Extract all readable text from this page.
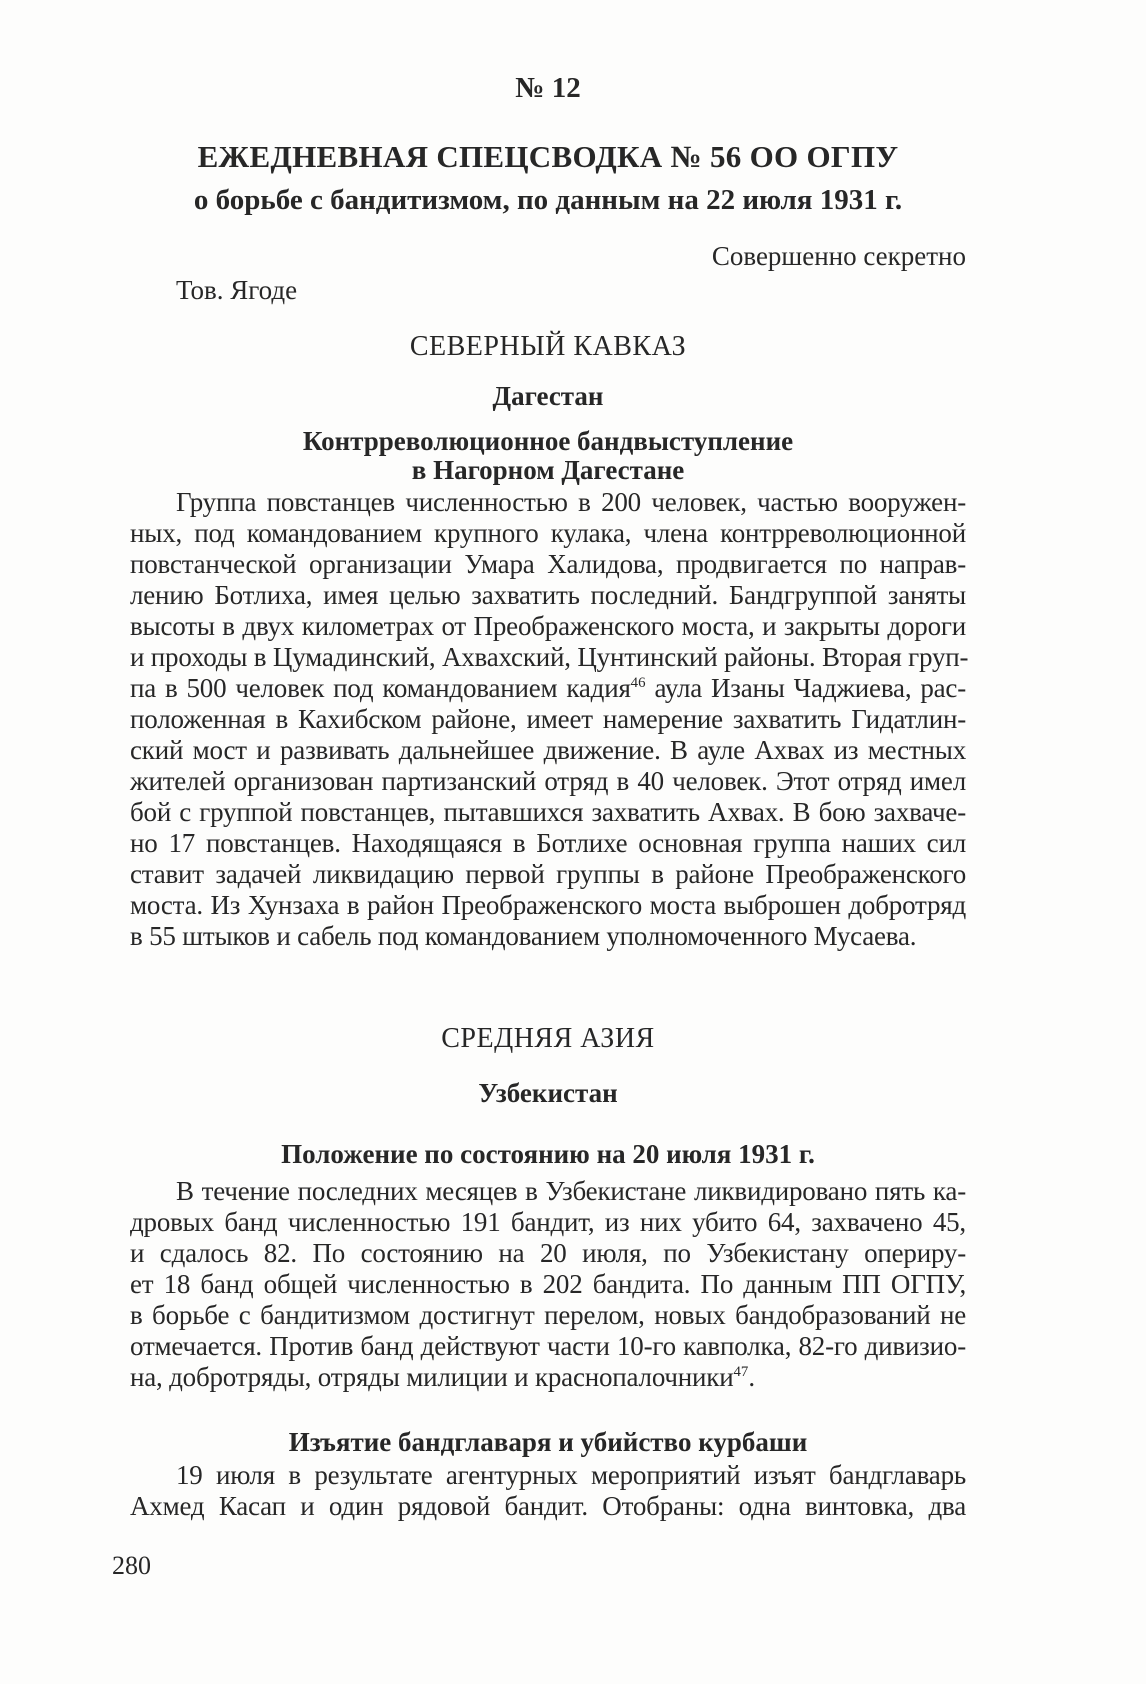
№ 12
ЕЖЕДНЕВНАЯ СПЕЦСВОДКА № 56 ОО ОГПУ
о борьбе с бандитизмом, по данным на 22 июля 1931 г.
Совершенно секретно
Тов. Ягоде
СЕВЕРНЫЙ КАВКАЗ
Дагестан
Контрреволюционное бандвыступление
в Нагорном Дагестане
Группа повстанцев численностью в 200 человек, частью вооружен-
ных, под командованием крупного кулака, члена контрреволюционной
повстанческой организации Умара Халидова, продвигается по направ-
лению Ботлиха, имея целью захватить последний. Бандгруппой заняты
высоты в двух километрах от Преображенского моста, и закрыты дороги
и проходы в Цумадинский, Ахвахский, Цунтинский районы. Вторая груп-
па в 500 человек под командованием кадия$^{46}$ аула Изаны Чаджиева, рас-
положенная в Кахибском районе, имеет намерение захватить Гидатлин-
ский мост и развивать дальнейшее движение. В ауле Ахвах из местных
жителей организован партизанский отряд в 40 человек. Этот отряд имел
бой с группой повстанцев, пытавшихся захватить Ахвах. В бою захваче-
но 17 повстанцев. Находящаяся в Ботлихе основная группа наших сил
ставит задачей ликвидацию первой группы в районе Преображенского
моста. Из Хунзаха в район Преображенского моста выброшен добротряд
в 55 штыков и сабель под командованием уполномоченного Мусаева.
СРЕДНЯЯ АЗИЯ
Узбекистан
Положение по состоянию на 20 июля 1931 г.
В течение последних месяцев в Узбекистане ликвидировано пять ка-
дровых банд численностью 191 бандит, из них убито 64, захвачено 45,
и сдалось 82. По состоянию на 20 июля, по Узбекистану опериру-
ет 18 банд общей численностью в 202 бандита. По данным ПП ОГПУ,
в борьбе с бандитизмом достигнут перелом, новых бандобразований не
отмечается. Против банд действуют части 10-го кавполка, 82-го дивизио-
на, добротряды, отряды милиции и краснопалочники$^{47}$.
Изъятие бандглаваря и убийство курбаши
19 июля в результате агентурных мероприятий изъят бандглаварь
Ахмед Касап и один рядовой бандит. Отобраны: одна винтовка, два
280
